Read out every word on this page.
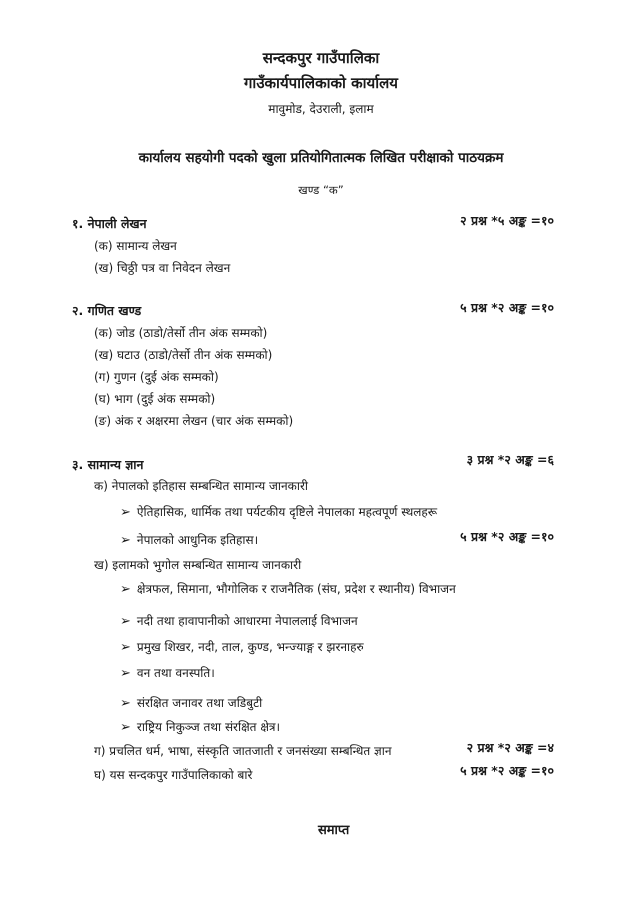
सन्दकपुर गाउँपालिका
गाउँकार्यपालिकाको कार्यालय
मावुमोड, देउराली, इलाम
कार्यालय सहयोगी पदको खुला प्रतियोगितात्मक लिखित परीक्षाको पाठयक्रम
खण्ड “क”
१. नेपाली लेखन	२ प्रश्न *५ अङ्क =१०
(क) सामान्य लेखन
(ख) चिठ्ठी पत्र वा निवेदन लेखन
२. गणित खण्ड	५ प्रश्न *२ अङ्क =१०
(क) जोड (ठाडो/तेर्सो तीन अंक सम्मको)
(ख) घटाउ (ठाडो/तेर्सो तीन अंक सम्मको)
(ग) गुणन (दुई अंक सम्मको)
(घ) भाग (दुई अंक सम्मको)
(ङ) अंक र अक्षरमा लेखन (चार अंक सम्मको)
३. सामान्य ज्ञान	३ प्रश्न *२ अङ्क =६
क) नेपालको इतिहास सम्बन्धित सामान्य जानकारी
➢ ऐतिहासिक, धार्मिक तथा पर्यटकीय दृष्टिले नेपालका महत्वपूर्ण स्थलहरू
➢ नेपालको आधुनिक इतिहास।	५ प्रश्न *२ अङ्क =१०
ख) इलामको भुगोल सम्बन्धित सामान्य जानकारी
➢ क्षेत्रफल, सिमाना, भौगोलिक र राजनैतिक (संघ, प्रदेश र स्थानीय) विभाजन
➢ नदी तथा हावापानीको आधारमा नेपाललाई विभाजन
➢ प्रमुख शिखर, नदी, ताल, कुण्ड, भन्ज्याङ्ग र झरनाहरु
➢ वन तथा वनस्पति।
➢ संरक्षित जनावर तथा जडिबुटी
➢ राष्ट्रिय निकुञ्ज तथा संरक्षित क्षेत्र।
ग) प्रचलित धर्म, भाषा, संस्कृति जातजाती र जनसंख्या सम्बन्धित ज्ञान	२ प्रश्न *२ अङ्क =४
घ) यस सन्दकपुर गाउँपालिकाको बारे	५ प्रश्न *२ अङ्क =१०
समाप्त
